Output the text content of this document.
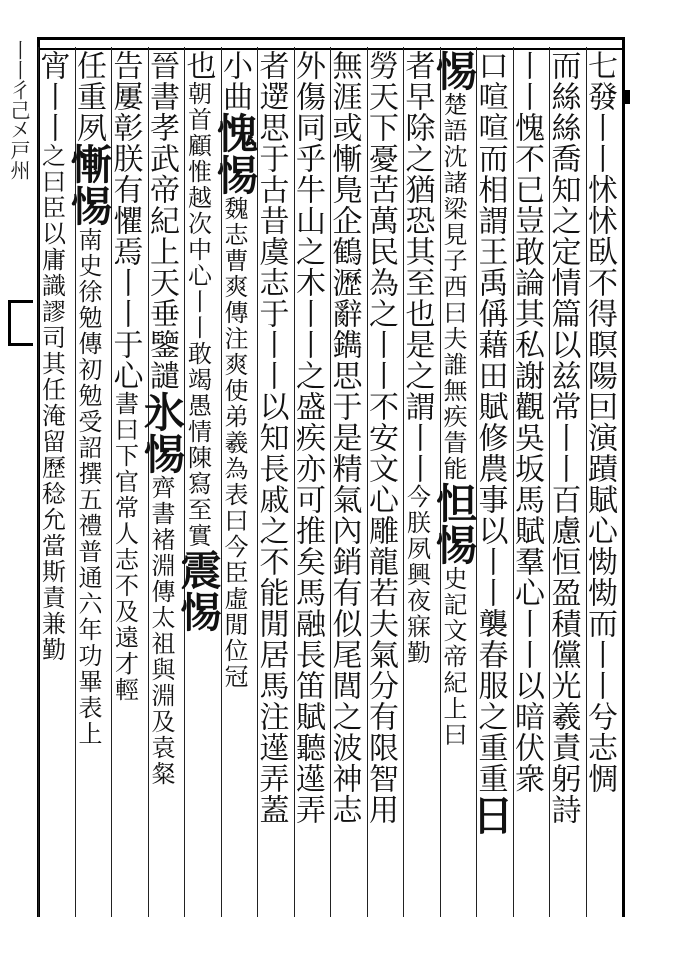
丨丨彳己㐅戸州	七發丨丨怵怵臥不得瞑陽囙演蹟賦心㤼㤼而丨丨兮志惆
而絲絲喬知之定情篇以兹常丨丨百慮恒盈積儻光羲責躬詩
丨丨愧不已豈敢論其私謝觀吳坂馬賦羣心丨丨以暗伏衆
口喧喧而相謂王禹偁藉田賦修農事以丨丨襲春服之重重日
惕楚語沈諸梁見子西曰夫誰無疾眚能怛惕史記文帝紀上曰
者早除之猶恐其至也是之謂丨丨今朕夙興夜寐勤
勞天下憂苦萬民為之丨丨不安文心雕龍若夫氣分有限智用
無涯或慚鳬企鶴瀝辭鐫思于是精氣內銷有似尾閭之波神志
外傷同乎牛山之木丨丨之盛疾亦可推矣馬融長笛賦聽遳弄
者遻思于古昔虞志于丨丨以知長戚之不能閒居馬注遳弄蓋
小曲愧惕魏志曹爽傳注爽使弟羲為表曰今臣虛閒位冠
也朝首顧惟越次中心丨丨敢竭愚情陳寫至實震惕
晉書孝武帝紀上天垂鑒譴氷惕齊書褚淵傳太祖與淵及袁粲
告屢彰朕有懼焉丨丨于心書曰下官常人志不及遠才輕
任重夙慚惕南史徐勉傳初勉受詔撰五禮普通六年功畢表上
宵丨丨之曰臣以庸識謬司其任淹留歷稔允當斯責兼勤
